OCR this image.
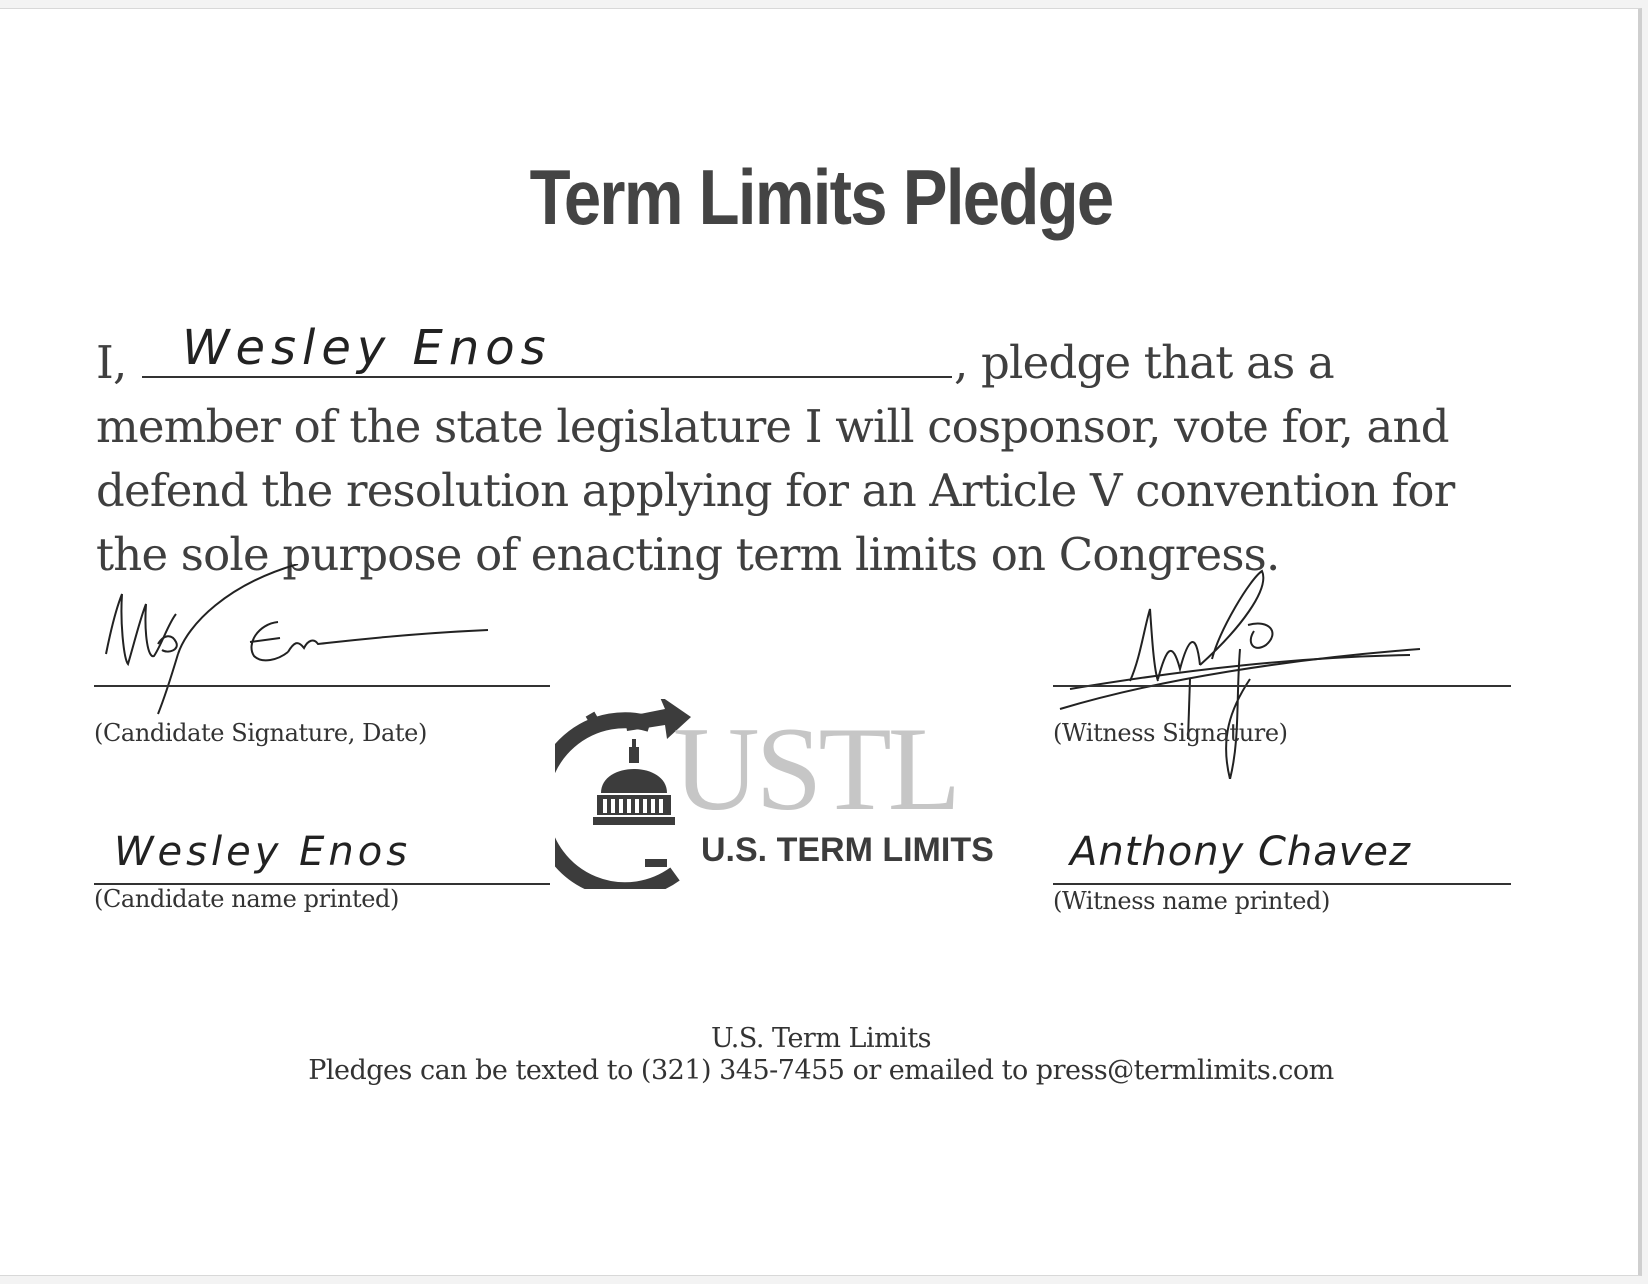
Term Limits Pledge
I, Wesley Enos	, pledge that as a member of the state legislature I will cosponsor, vote for, and defend the resolution applying for an Article V convention for the sole purpose of enacting term limits on Congress.
(Candidate Signature, Date)
Wesley Enos
(Candidate name printed)
USTL
U.S. TERM LIMITS
(Witness Signature)
Anthony Chavez
(Witness name printed)
U.S. Term Limits
Pledges can be texted to (321) 345-7455 or emailed to press@termlimits.com
